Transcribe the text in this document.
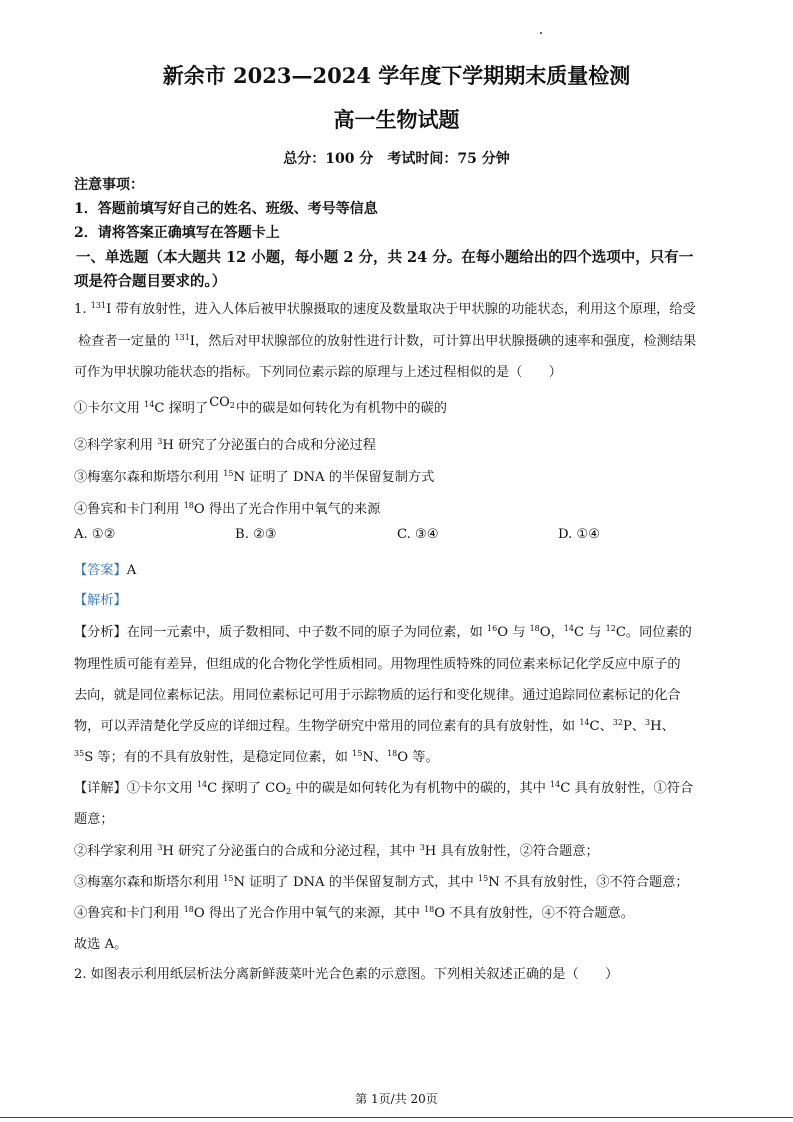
新余市 2023—2024 学年度下学期期末质量检测
高一生物试题
总分：100 分　考试时间：75 分钟
注意事项：
1．答题前填写好自己的姓名、班级、考号等信息
2．请将答案正确填写在答题卡上
一、单选题（本大题共 12 小题，每小题 2 分，共 24 分。在每小题给出的四个选项中，只有一
项是符合题目要求的。）
1. $^{131}$I 带有放射性，进入人体后被甲状腺摄取的速度及数量取决于甲状腺的功能状态，利用这个原理，给受
检查者一定量的 $^{131}$I，然后对甲状腺部位的放射性进行计数，可计算出甲状腺摄碘的速率和强度，检测结果
可作为甲状腺功能状态的指标。下列同位素示踪的原理与上述过程相似的是（　　）
①卡尔文用 $^{14}$C 探明了$CO_2$中的碳是如何转化为有机物中的碳的
②科学家利用 $^3$H 研究了分泌蛋白的合成和分泌过程
③梅塞尔森和斯塔尔利用 $^{15}$N 证明了 DNA 的半保留复制方式
④鲁宾和卡门利用 $^{18}$O 得出了光合作用中氧气的来源
A. ①②	B. ②③	C. ③④	D. ①④
【答案】A
【解析】
【分析】在同一元素中，质子数相同、中子数不同的原子为同位素，如 $^{16}$O 与 $^{18}$O，$^{14}$C 与 $^{12}$C。同位素的
物理性质可能有差异，但组成的化合物化学性质相同。用物理性质特殊的同位素来标记化学反应中原子的
去向，就是同位素标记法。用同位素标记可用于示踪物质的运行和变化规律。通过追踪同位素标记的化合
物，可以弄清楚化学反应的详细过程。生物学研究中常用的同位素有的具有放射性，如 $^{14}$C、$^{32}$P、$^3$H、
$^{35}$S 等；有的不具有放射性，是稳定同位素，如 $^{15}$N、$^{18}$O 等。
【详解】①卡尔文用 $^{14}$C 探明了 $CO_2$ 中的碳是如何转化为有机物中的碳的，其中 $^{14}$C 具有放射性，①符合
题意；
②科学家利用 $^3$H 研究了分泌蛋白的合成和分泌过程，其中 $^3$H 具有放射性，②符合题意；
③梅塞尔森和斯塔尔利用 $^{15}$N 证明了 DNA 的半保留复制方式，其中 $^{15}$N 不具有放射性，③不符合题意；
④鲁宾和卡门利用 $^{18}$O 得出了光合作用中氧气的来源，其中 $^{18}$O 不具有放射性，④不符合题意。
故选 A。
2. 如图表示利用纸层析法分离新鲜菠菜叶光合色素的示意图。下列相关叙述正确的是（　　）
第 1页/共 20页
